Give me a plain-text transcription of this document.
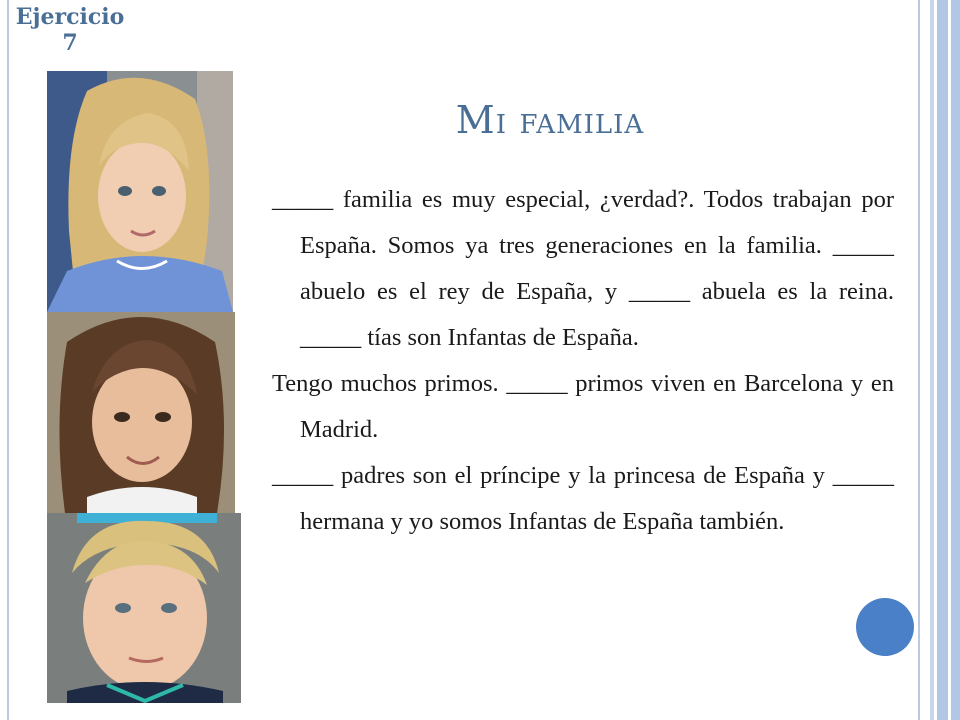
Ejercicio
7
MI FAMILIA

_____ familia es muy especial, ¿verdad?. Todos trabajan por España. Somos ya tres generaciones en la familia. _____ abuelo es el rey de España, y _____ abuela es la reina. _____ tías son Infantas de España.

Tengo muchos primos. _____ primos viven en Barcelona y en Madrid.

_____ padres son el príncipe y la princesa de España y _____ hermana y yo somos Infantas de España también.
